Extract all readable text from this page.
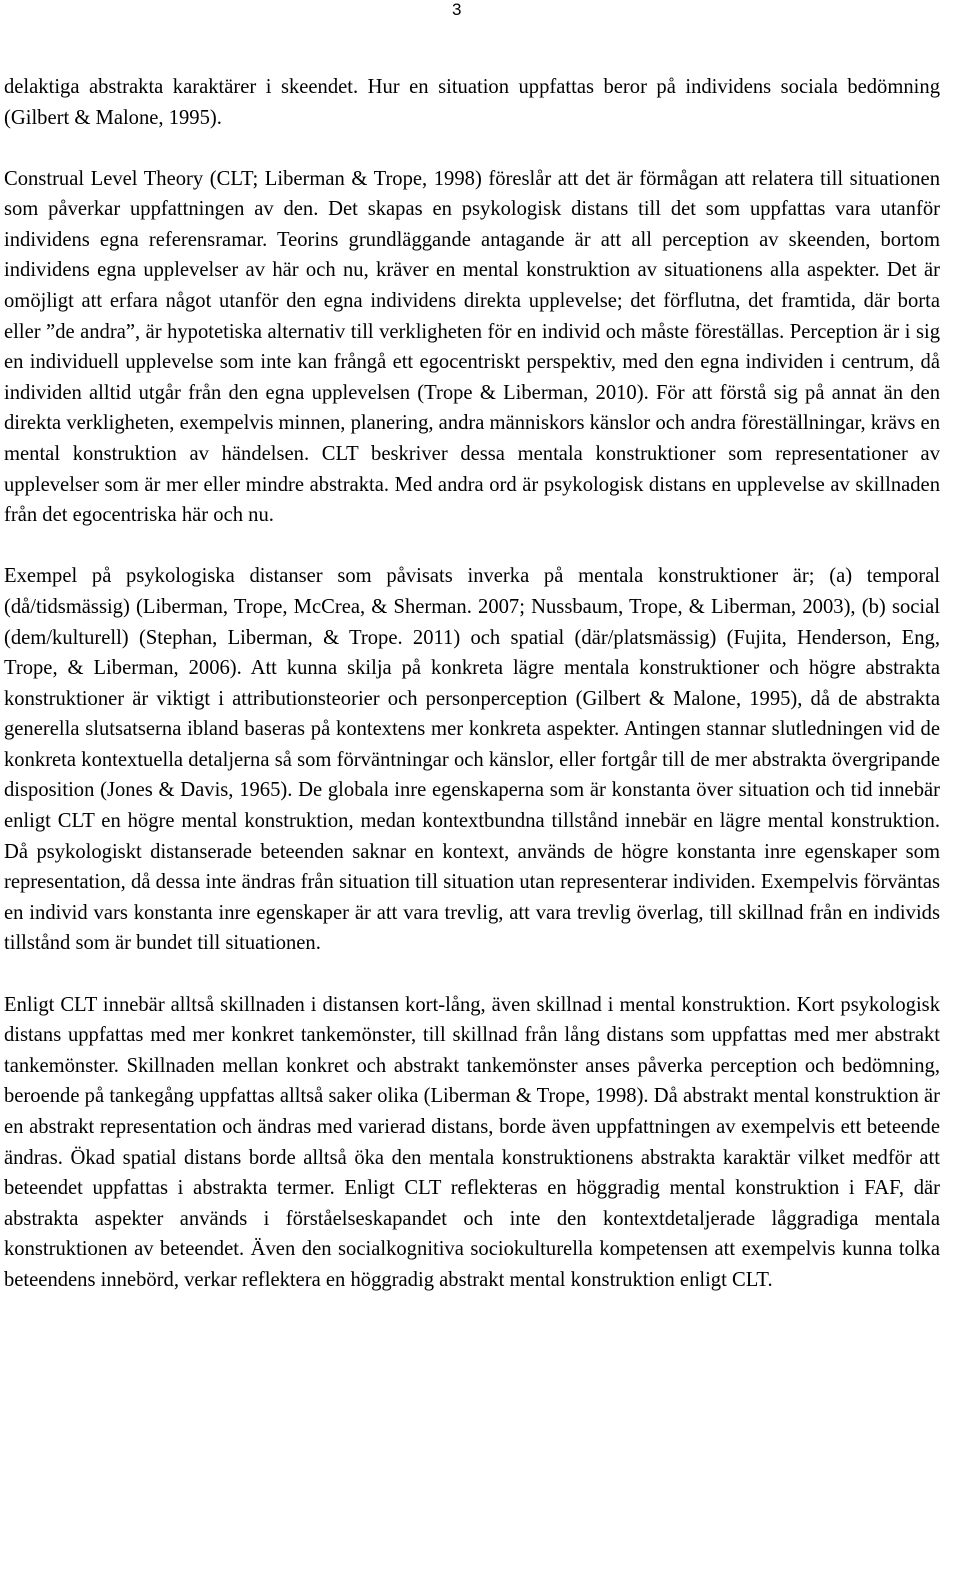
3

delaktiga abstrakta karaktärer i skeendet. Hur en situation uppfattas beror på individens sociala bedömning (Gilbert & Malone, 1995).

Construal Level Theory (CLT; Liberman & Trope, 1998) föreslår att det är förmågan att relatera till situationen som påverkar uppfattningen av den. Det skapas en psykologisk distans till det som uppfattas vara utanför individens egna referensramar. Teorins grundläggande antagande är att all perception av skeenden, bortom individens egna upplevelser av här och nu, kräver en mental konstruktion av situationens alla aspekter. Det är omöjligt att erfara något utanför den egna individens direkta upplevelse; det förflutna, det framtida, där borta eller ”de andra”, är hypotetiska alternativ till verkligheten för en individ och måste föreställas. Perception är i sig en individuell upplevelse som inte kan frångå ett egocentriskt perspektiv, med den egna individen i centrum, då individen alltid utgår från den egna upplevelsen (Trope & Liberman, 2010). För att förstå sig på annat än den direkta verkligheten, exempelvis minnen, planering, andra människors känslor och andra föreställningar, krävs en mental konstruktion av händelsen. CLT beskriver dessa mentala konstruktioner som representationer av upplevelser som är mer eller mindre abstrakta. Med andra ord är psykologisk distans en upplevelse av skillnaden från det egocentriska här och nu.

Exempel på psykologiska distanser som påvisats inverka på mentala konstruktioner är; (a) temporal (då/tidsmässig) (Liberman, Trope, McCrea, & Sherman. 2007; Nussbaum, Trope, & Liberman, 2003), (b) social (dem/kulturell) (Stephan, Liberman, & Trope. 2011) och spatial (där/platsmässig) (Fujita, Henderson, Eng, Trope, & Liberman, 2006). Att kunna skilja på konkreta lägre mentala konstruktioner och högre abstrakta konstruktioner är viktigt i attributionsteorier och personperception (Gilbert & Malone, 1995), då de abstrakta generella slutsatserna ibland baseras på kontextens mer konkreta aspekter. Antingen stannar slutledningen vid de konkreta kontextuella detaljerna så som förväntningar och känslor, eller fortgår till de mer abstrakta övergripande disposition (Jones & Davis, 1965). De globala inre egenskaperna som är konstanta över situation och tid innebär enligt CLT en högre mental konstruktion, medan kontextbundna tillstånd innebär en lägre mental konstruktion. Då psykologiskt distanserade beteenden saknar en kontext, används de högre konstanta inre egenskaper som representation, då dessa inte ändras från situation till situation utan representerar individen. Exempelvis förväntas en individ vars konstanta inre egenskaper är att vara trevlig, att vara trevlig överlag, till skillnad från en individs tillstånd som är bundet till situationen.

Enligt CLT innebär alltså skillnaden i distansen kort-lång, även skillnad i mental konstruktion. Kort psykologisk distans uppfattas med mer konkret tankemönster, till skillnad från lång distans som uppfattas med mer abstrakt tankemönster. Skillnaden mellan konkret och abstrakt tankemönster anses påverka perception och bedömning, beroende på tankegång uppfattas alltså saker olika (Liberman & Trope, 1998). Då abstrakt mental konstruktion är en abstrakt representation och ändras med varierad distans, borde även uppfattningen av exempelvis ett beteende ändras. Ökad spatial distans borde alltså öka den mentala konstruktionens abstrakta karaktär vilket medför att beteendet uppfattas i abstrakta termer. Enligt CLT reflekteras en höggradig mental konstruktion i FAF, där abstrakta aspekter används i förståelseskapandet och inte den kontextdetaljerade låggradiga mentala konstruktionen av beteendet. Även den socialkognitiva sociokulturella kompetensen att exempelvis kunna tolka beteendens innebörd, verkar reflektera en höggradig abstrakt mental konstruktion enligt CLT.
